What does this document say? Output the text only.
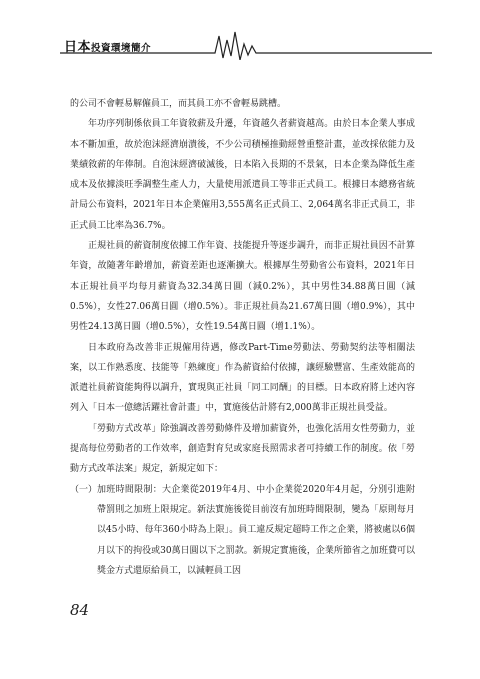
日本投資環境簡介

的公司不會輕易解僱員工，而其員工亦不會輕易跳槽。

年功序列制係依員工年資敘薪及升遷，年資越久者薪資越高。由於日本企業人事成本不斷加重，故於泡沫經濟崩潰後，不少公司積極推動經營重整計畫，並改採依能力及業績敘薪的年俸制。自泡沫經濟破滅後，日本陷入長期的不景氣，日本企業為降低生產成本及依據淡旺季調整生產人力，大量使用派遣員工等非正式員工。根據日本總務省統計局公布資料，2021年日本企業僱用3,555萬名正式員工、2,064萬名非正式員工，非正式員工比率為36.7%。

正規社員的薪資制度依據工作年資、技能提升等逐步調升，而非正規社員因不計算年資，故隨著年齡增加，薪資差距也逐漸擴大。根據厚生勞動省公布資料，2021年日本正規社員平均每月薪資為32.34萬日圓（減0.2%），其中男性34.88萬日圓（減0.5%），女性27.06萬日圓（增0.5%）。非正規社員為21.67萬日圓（增0.9%），其中男性24.13萬日圓（增0.5%），女性19.54萬日圓（增1.1%）。

日本政府為改善非正規僱用待遇，修改Part-Time勞動法、勞動契約法等相關法案，以工作熟悉度、技能等「熟練度」作為薪資給付依據，讓經驗豐富、生產效能高的派遣社員薪資能夠得以調升，實現與正社員「同工同酬」的目標。日本政府將上述內容列入「日本一億總活躍社會計畫」中，實施後估計將有2,000萬非正規社員受益。

「勞動方式改革」除強調改善勞動條件及增加薪資外，也強化活用女性勞動力，並提高每位勞動者的工作效率，創造對育兒或家庭長照需求者可持續工作的制度。依「勞動方式改革法案」規定，新規定如下：

（一） 加班時間限制：大企業從2019年4月、中小企業從2020年4月起，分別引進附帶罰則之加班上限規定。新法實施後從目前沒有加班時間限制，變為「原則每月以45小時、每年360小時為上限」。員工違反規定超時工作之企業，將被處以6個月以下的拘役或30萬日圓以下之罰款。新規定實施後，企業所節省之加班費可以獎金方式還原給員工，以減輕員工因
84
